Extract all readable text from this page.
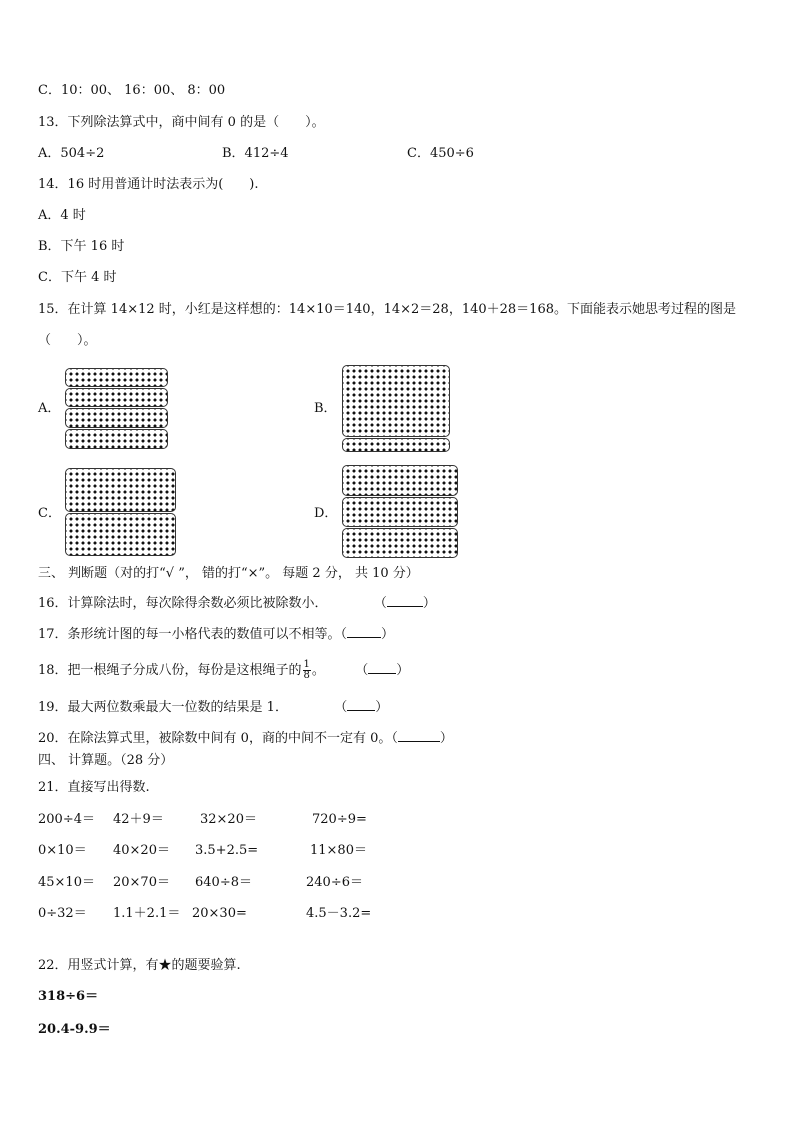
C．10：00、 16：00、 8：00
13．下列除法算式中，商中间有 0 的是（　　）。
A．504÷2	B．412÷4	C．450÷6
14．16 时用普通计时法表示为(　　).
A．4 时
B．下午 16 时
C．下午 4 时
15．在计算 14×12 时，小红是这样想的：14×10＝140，14×2＝28，140＋28＝168。下面能表示她思考过程的图是
（　　）。
A．	B．
C．	D．
三、 判断题（对的打“√ ”， 错的打“×”。 每题 2 分， 共 10 分）
16．计算除法时，每次除得余数必须比被除数小．	（	）
17．条形统计图的每一小格代表的数值可以不相等。（	）
18．把一根绳子分成八份，每份是这根绳子的 $\frac{1}{8}$ 。 （ ）
19．最大两位数乘最大一位数的结果是 1．	（ ）
20．在除法算式里，被除数中间有 0，商的中间不一定有 0。（	）
四、 计算题。（28 分）
21．直接写出得数.
200÷4＝ 42＋9＝	32×20＝	720÷9=
0×10＝ 40×20＝ 3.5+2.5=	11×80＝
45×10＝ 20×70＝ 640÷8＝	240÷6＝
0÷32＝ 1.1＋2.1＝ 20×30=	4.5－3.2=
22．用竖式计算，有★的题要验算.
318÷6＝
20.4-9.9＝
